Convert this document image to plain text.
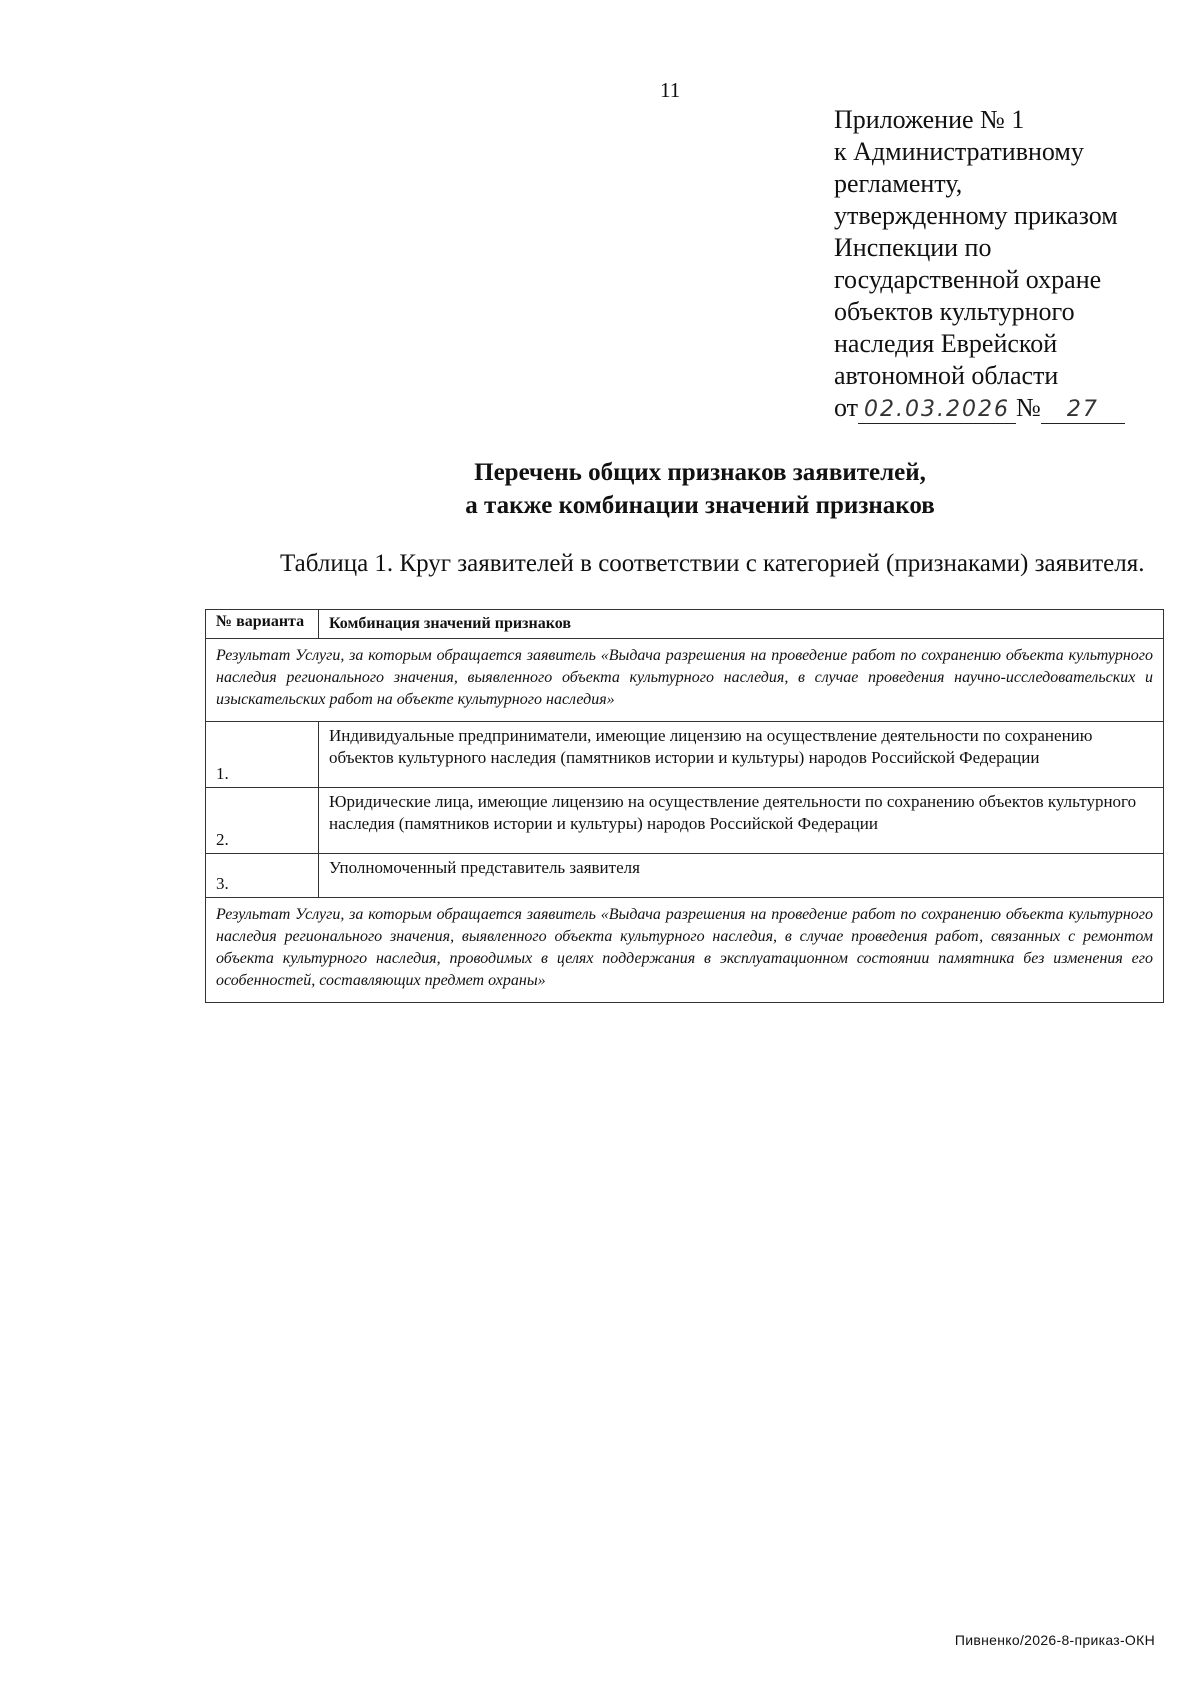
11
Приложение № 1
к Административному
регламенту,
утвержденному приказом
Инспекции по
государственной охране
объектов культурного
наследия Еврейской
автономной области
от 02.03.2026 № 27
Перечень общих признаков заявителей,
а также комбинации значений признаков
Таблица 1. Круг заявителей в соответствии с категорией (признаками) заявителя.
№ варианта	Комбинация значений признаков
Результат Услуги, за которым обращается заявитель «Выдача разрешения на проведение работ по сохранению объекта культурного наследия регионального значения, выявленного объекта культурного наследия, в случае проведения научно-исследовательских и изыскательских работ на объекте культурного наследия»	
1.	Индивидуальные предприниматели, имеющие лицензию на осуществление деятельности по сохранению объектов культурного наследия (памятников истории и культуры) народов Российской Федерации
2.	Юридические лица, имеющие лицензию на осуществление деятельности по сохранению объектов культурного наследия (памятников истории и культуры) народов Российской Федерации
3.	Уполномоченный представитель заявителя
Результат Услуги, за которым обращается заявитель «Выдача разрешения на проведение работ по сохранению объекта культурного наследия регионального значения, выявленного объекта культурного наследия, в случае проведения работ, связанных с ремонтом объекта культурного наследия, проводимых в целях поддержания в эксплуатационном состоянии памятника без изменения его особенностей, составляющих предмет охраны»	
Пивненко/2026-8-приказ-ОКН
